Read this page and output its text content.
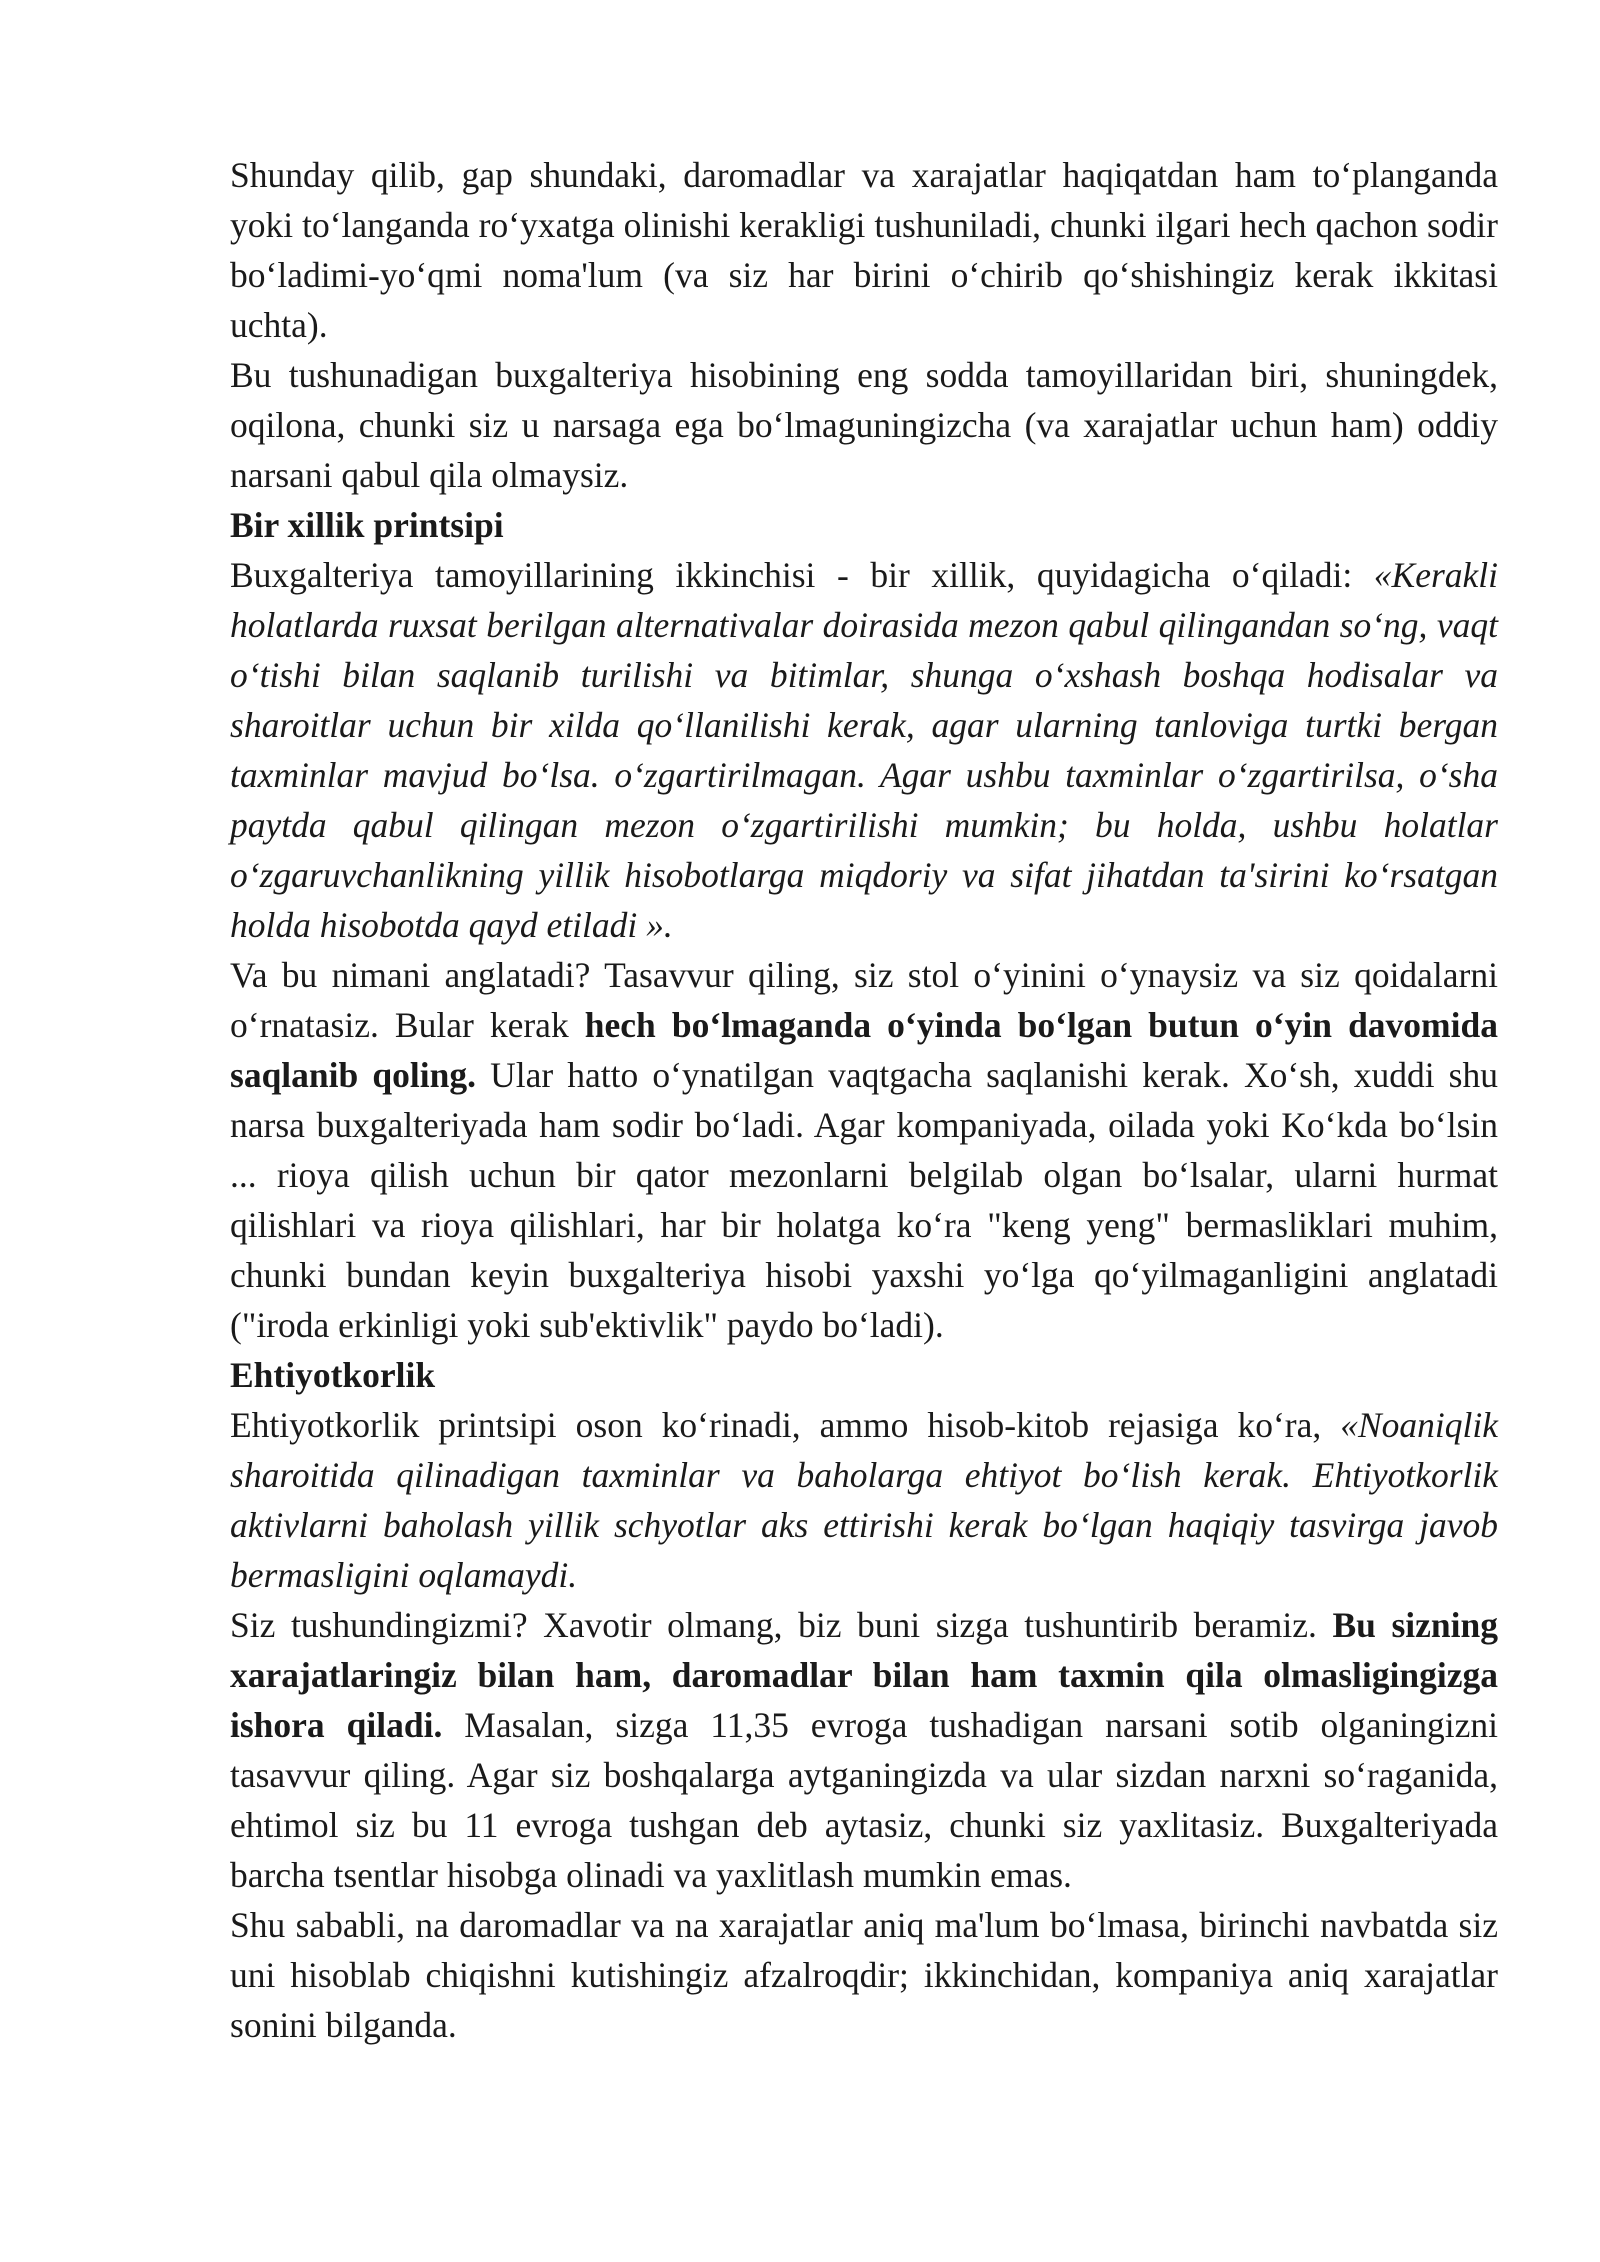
Shunday qilib, gap shundaki, daromadlar va xarajatlar haqiqatdan ham to‘planganda yoki to‘langanda ro‘yxatga olinishi kerakligi tushuniladi, chunki ilgari hech qachon sodir bo‘ladimi-yo‘qmi noma'lum (va siz har birini o‘chirib qo‘shishingiz kerak ikkitasi uchta).

Bu tushunadigan buxgalteriya hisobining eng sodda tamoyillaridan biri, shuningdek, oqilona, chunki siz u narsaga ega bo‘lmaguningizcha (va xarajatlar uchun ham) oddiy narsani qabul qila olmaysiz.

Bir xillik printsipi

Buxgalteriya tamoyillarining ikkinchisi - bir xillik, quyidagicha o‘qiladi: «Kerakli holatlarda ruxsat berilgan alternativalar doirasida mezon qabul qilingandan so‘ng, vaqt o‘tishi bilan saqlanib turilishi va bitimlar, shunga o‘xshash boshqa hodisalar va sharoitlar uchun bir xilda qo‘llanilishi kerak, agar ularning tanloviga turtki bergan taxminlar mavjud bo‘lsa. o‘zgartirilmagan. Agar ushbu taxminlar o‘zgartirilsa, o‘sha paytda qabul qilingan mezon o‘zgartirilishi mumkin; bu holda, ushbu holatlar o‘zgaruvchanlikning yillik hisobotlarga miqdoriy va sifat jihatdan ta'sirini ko‘rsatgan holda hisobotda qayd etiladi ».

Va bu nimani anglatadi? Tasavvur qiling, siz stol o‘yinini o‘ynaysiz va siz qoidalarni o‘rnatasiz. Bular kerak hech bo‘lmaganda o‘yinda bo‘lgan butun o‘yin davomida saqlanib qoling. Ular hatto o‘ynatilgan vaqtgacha saqlanishi kerak. Xo‘sh, xuddi shu narsa buxgalteriyada ham sodir bo‘ladi. Agar kompaniyada, oilada yoki Ko‘kda bo‘lsin ... rioya qilish uchun bir qator mezonlarni belgilab olgan bo‘lsalar, ularni hurmat qilishlari va rioya qilishlari, har bir holatga ko‘ra "keng yeng" bermasliklari muhim, chunki bundan keyin buxgalteriya hisobi yaxshi yo‘lga qo‘yilmaganligini anglatadi ("iroda erkinligi yoki sub'ektivlik" paydo bo‘ladi).

Ehtiyotkorlik

Ehtiyotkorlik printsipi oson ko‘rinadi, ammo hisob-kitob rejasiga ko‘ra, «Noaniqlik sharoitida qilinadigan taxminlar va baholarga ehtiyot bo‘lish kerak. Ehtiyotkorlik aktivlarni baholash yillik schyotlar aks ettirishi kerak bo‘lgan haqiqiy tasvirga javob bermasligini oqlamaydi.

Siz tushundingizmi? Xavotir olmang, biz buni sizga tushuntirib beramiz. Bu sizning xarajatlaringiz bilan ham, daromadlar bilan ham taxmin qila olmasligingizga ishora qiladi. Masalan, sizga 11,35 evroga tushadigan narsani sotib olganingizni tasavvur qiling. Agar siz boshqalarga aytganingizda va ular sizdan narxni so‘raganida, ehtimol siz bu 11 evroga tushgan deb aytasiz, chunki siz yaxlitasiz. Buxgalteriyada barcha tsentlar hisobga olinadi va yaxlitlash mumkin emas.

Shu sababli, na daromadlar va na xarajatlar aniq ma'lum bo‘lmasa, birinchi navbatda siz uni hisoblab chiqishni kutishingiz afzalroqdir; ikkinchidan, kompaniya aniq xarajatlar sonini bilganda.
